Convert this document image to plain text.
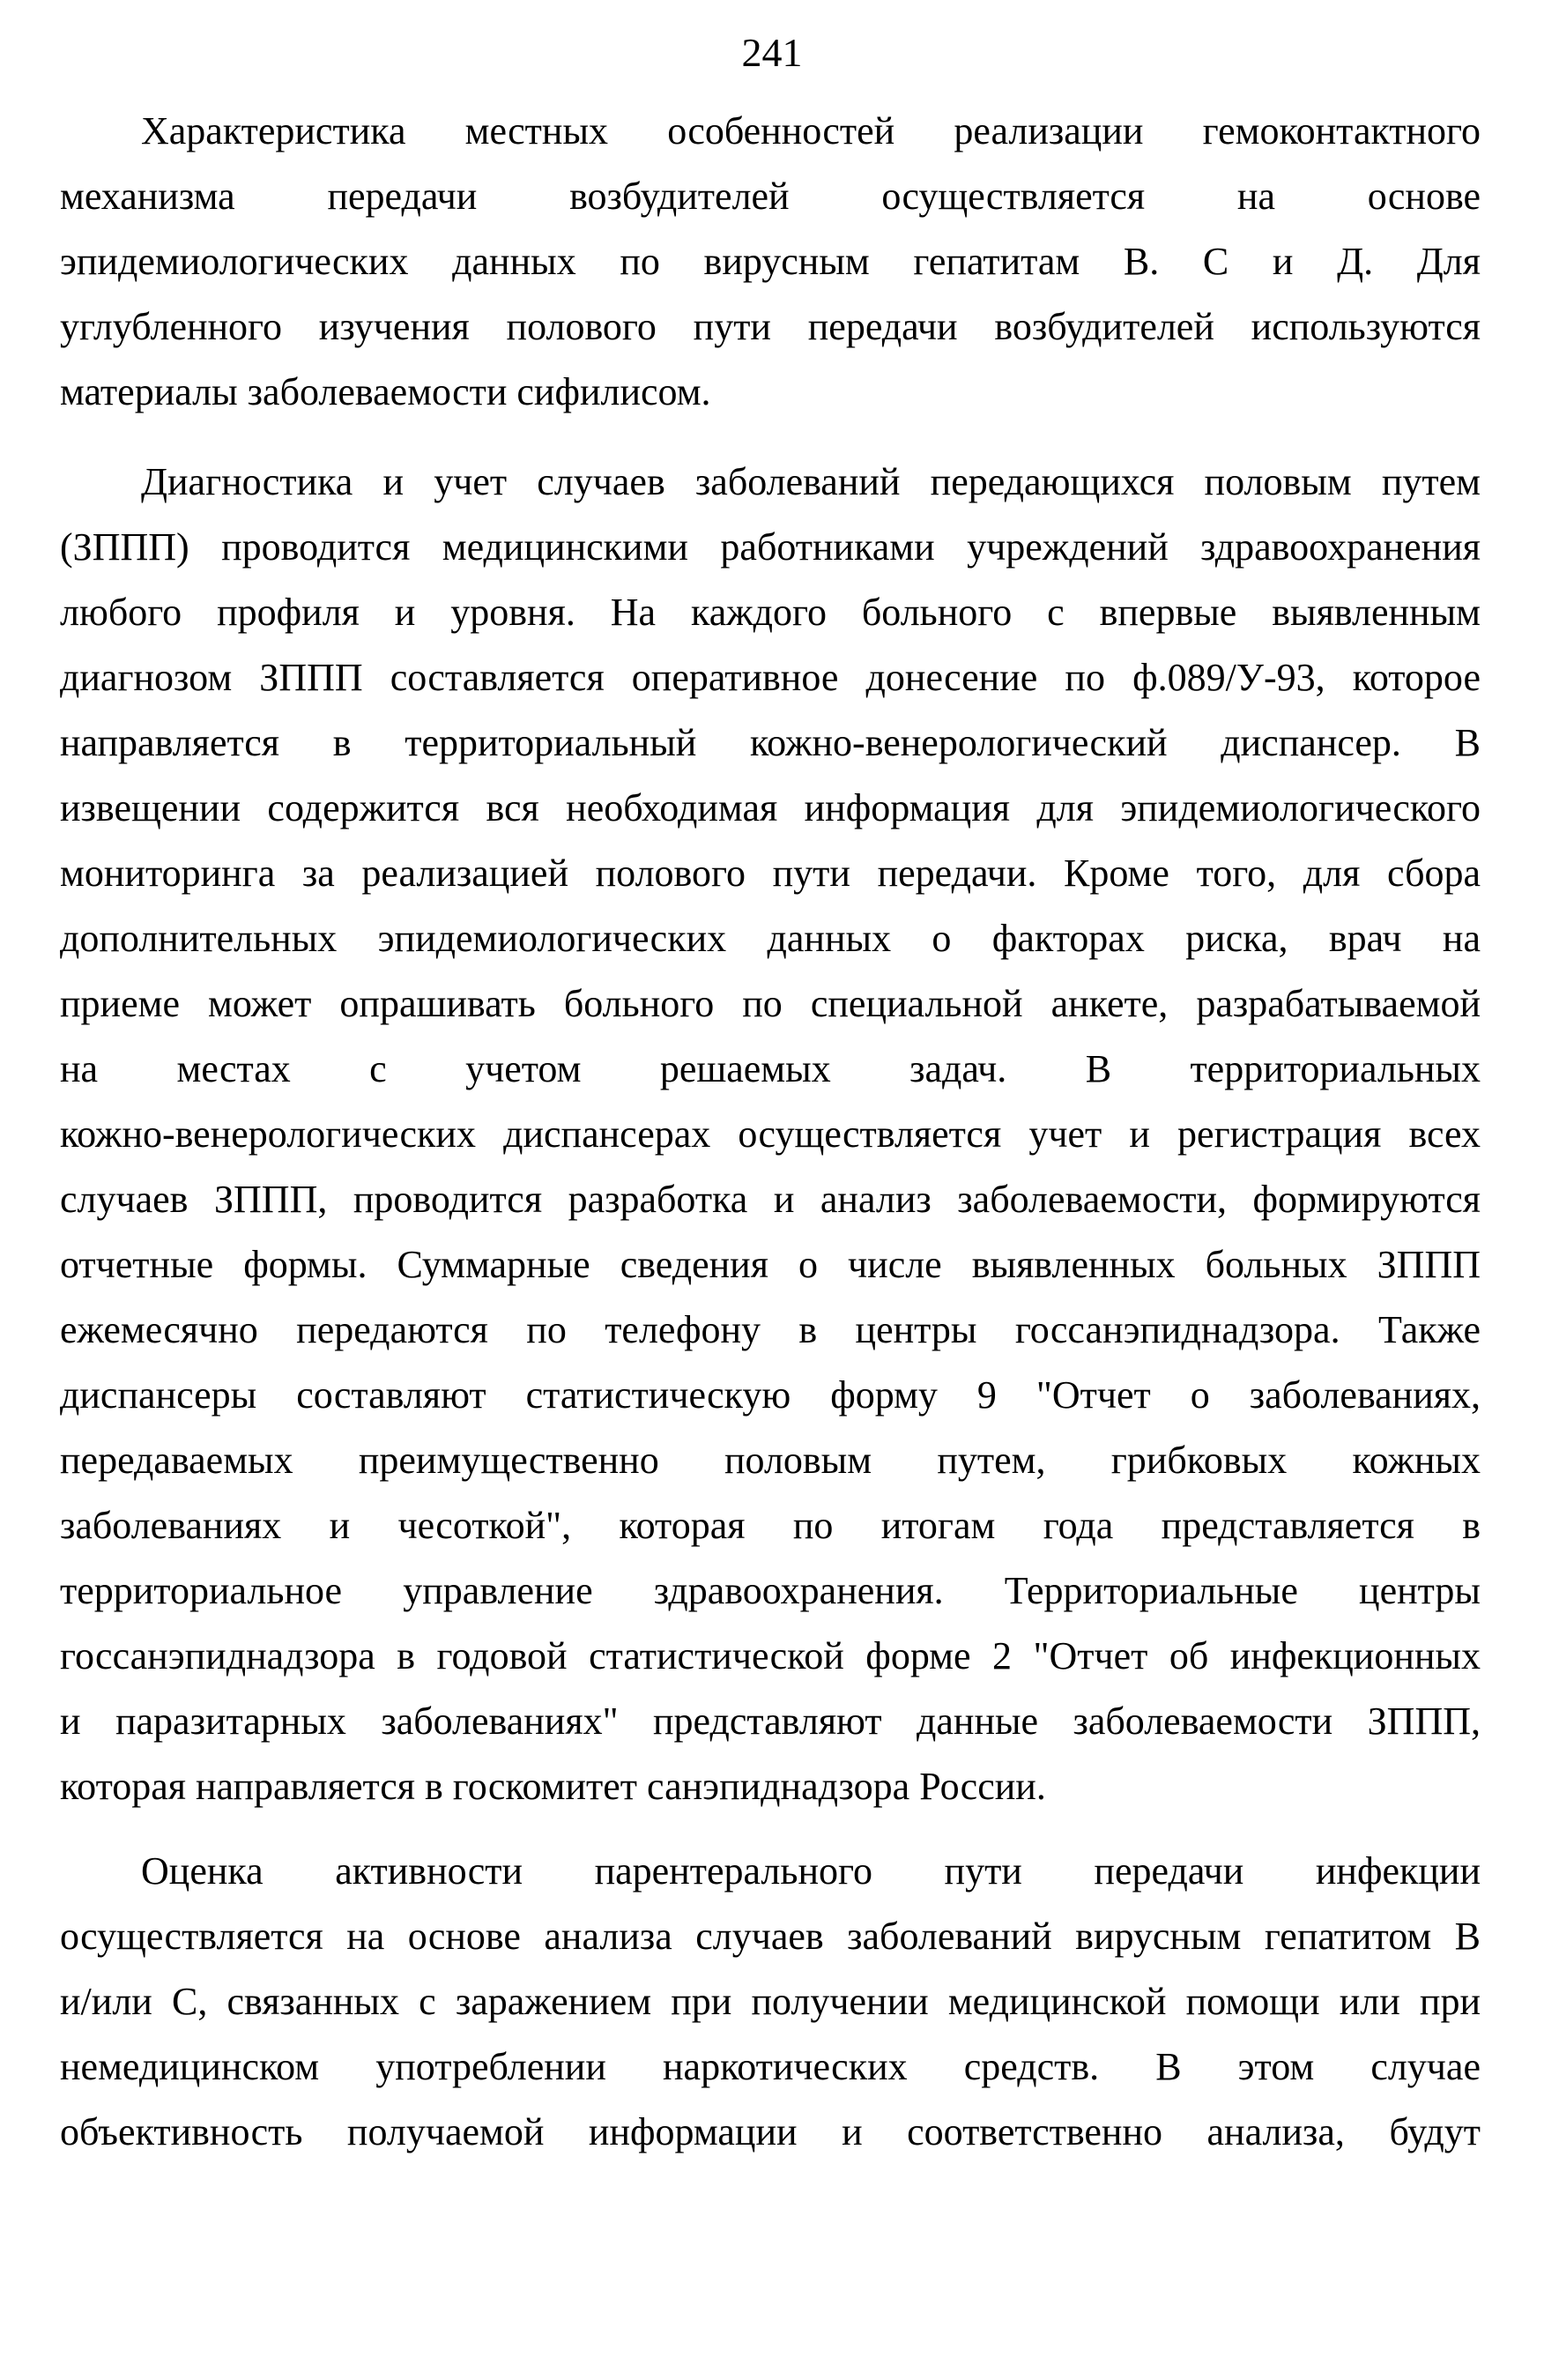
241
Характеристика местных особенностей реализации гемоконтактного
механизма передачи возбудителей осуществляется на основе
эпидемиологических данных по вирусным гепатитам В. С и Д. Для
углубленного изучения полового пути передачи возбудителей используются
материалы заболеваемости сифилисом.
Диагностика и учет случаев заболеваний передающихся половым путем
(ЗППП) проводится медицинскими работниками учреждений здравоохранения
любого профиля и уровня. На каждого больного с впервые выявленным
диагнозом ЗППП составляется оперативное донесение по ф.089/У-93, которое
направляется в территориальный кожно-венерологический диспансер. В
извещении содержится вся необходимая информация для эпидемиологического
мониторинга за реализацией полового пути передачи. Кроме того, для сбора
дополнительных эпидемиологических данных о факторах риска, врач на
приеме может опрашивать больного по специальной анкете, разрабатываемой
на местах с учетом решаемых задач. В территориальных
кожно-венерологических диспансерах осуществляется учет и регистрация всех
случаев ЗППП, проводится разработка и анализ заболеваемости, формируются
отчетные формы. Суммарные сведения о числе выявленных больных ЗППП
ежемесячно передаются по телефону в центры госсанэпиднадзора. Также
диспансеры составляют статистическую форму 9 "Отчет о заболеваниях,
передаваемых преимущественно половым путем, грибковых кожных
заболеваниях и чесоткой", которая по итогам года представляется в
территориальное управление здравоохранения. Территориальные центры
госсанэпиднадзора в годовой статистической форме 2 "Отчет об инфекционных
и паразитарных заболеваниях" представляют данные заболеваемости ЗППП,
которая направляется в госкомитет санэпиднадзора России.
Оценка активности парентерального пути передачи инфекции
осуществляется на основе анализа случаев заболеваний вирусным гепатитом В
и/или С, связанных с заражением при получении медицинской помощи или при
немедицинском употреблении наркотических средств. В этом случае
объективность получаемой информации и соответственно анализа, будут
